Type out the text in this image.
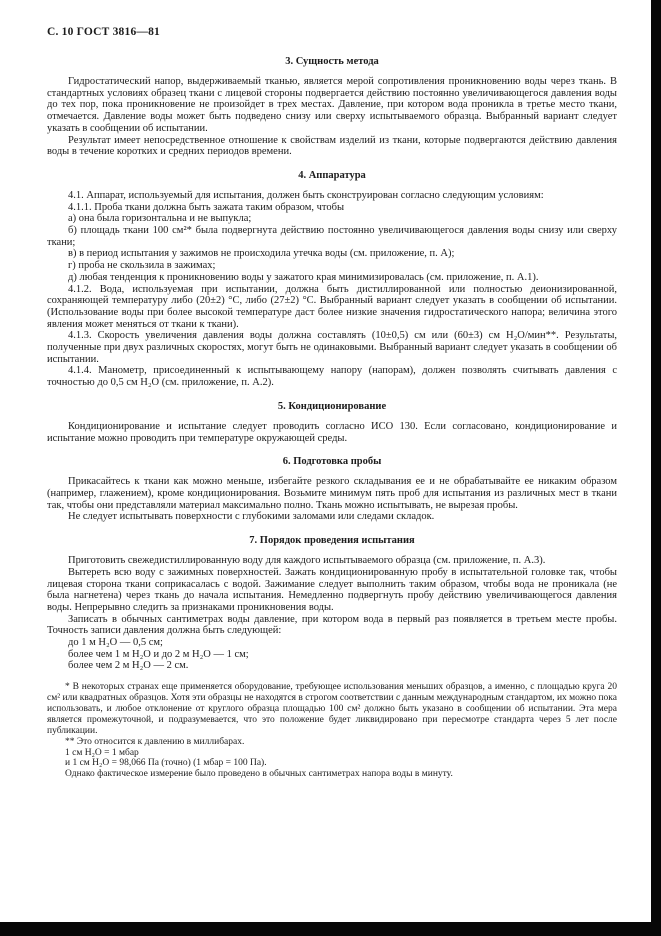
С. 10 ГОСТ 3816—81
3. Сущность метода

Гидростатический напор, выдерживаемый тканью, является мерой сопротивления проникновению воды через ткань. В стандартных условиях образец ткани с лицевой стороны подвергается действию постоянно увеличивающегося давления воды до тех пор, пока проникновение не произойдет в трех местах. Давление, при котором вода проникла в третье место ткани, отмечается. Давление воды может быть подведено снизу или сверху испытываемого образца. Выбранный вариант следует указать в сообщении об испытании.

Результат имеет непосредственное отношение к свойствам изделий из ткани, которые подвергаются действию давления воды в течение коротких и средних периодов времени.

4. Аппаратура

4.1. Аппарат, используемый для испытания, должен быть сконструирован согласно следующим условиям:

4.1.1. Проба ткани должна быть зажата таким образом, чтобы

а) она была горизонтальна и не выпукла;

б) площадь ткани 100 см²* была подвергнута действию постоянно увеличивающегося давления воды снизу или сверху ткани;

в) в период испытания у зажимов не происходила утечка воды (см. приложение, п. А);

г) проба не скользила в зажимах;

д) любая тенденция к проникновению воды у зажатого края минимизировалась (см. приложение, п. А.1).

4.1.2. Вода, используемая при испытании, должна быть дистиллированной или полностью деионизированной, сохраняющей температуру либо (20±2) °С, либо (27±2) °С. Выбранный вариант следует указать в сообщении об испытании. (Использование воды при более высокой температуре даст более низкие значения гидростатического напора; величина этого явления может меняться от ткани к ткани).

4.1.3. Скорость увеличения давления воды должна составлять (10±0,5) см или (60±3) см H₂O/мин**. Результаты, полученные при двух различных скоростях, могут быть не одинаковыми. Выбранный вариант следует указать в сообщении об испытании.

4.1.4. Манометр, присоединенный к испытывающему напору (напорам), должен позволять считывать давления с точностью до 0,5 см H₂O (см. приложение, п. А.2).

5. Кондиционирование

Кондиционирование и испытание следует проводить согласно ИСО 130. Если согласовано, кондиционирование и испытание можно проводить при температуре окружающей среды.

6. Подготовка пробы

Прикасайтесь к ткани как можно меньше, избегайте резкого складывания ее и не обрабатывайте ее никаким образом (например, глажением), кроме кондиционирования. Возьмите минимум пять проб для испытания из различных мест в ткани так, чтобы они представляли материал максимально полно. Ткань можно испытывать, не вырезая пробы.

Не следует испытывать поверхности с глубокими заломами или следами складок.

7. Порядок проведения испытания

Приготовить свежедистиллированную воду для каждого испытываемого образца (см. приложение, п. А.3).

Вытереть всю воду с зажимных поверхностей. Зажать кондиционированную пробу в испытательной головке так, чтобы лицевая сторона ткани соприкасалась с водой. Зажимание следует выполнить таким образом, чтобы вода не проникала (не была нагнетена) через ткань до начала испытания. Немедленно подвергнуть пробу действию увеличивающегося давления воды. Непрерывно следить за признаками проникновения воды.

Записать в обычных сантиметрах воды давление, при котором вода в первый раз появляется в третьем месте пробы. Точность записи давления должна быть следующей:

до 1 м H₂O — 0,5 см;

более чем 1 м H₂O и до 2 м H₂O — 1 см;

более чем 2 м H₂O — 2 см.

* В некоторых странах еще применяется оборудование, требующее использования меньших образцов, а именно, с площадью круга 20 см² или квадратных образцов. Хотя эти образцы не находятся в строгом соответствии с данным международным стандартом, их можно пока использовать, и любое отклонение от круглого образца площадью 100 см² должно быть указано в сообщении об испытании. Эта мера является промежуточной, и подразумевается, что это положение будет ликвидировано при пересмотре стандарта через 5 лет после публикации.

** Это относится к давлению в миллибарах.

1 см H₂O = 1 мбар

и 1 см H₂O = 98,066 Па (точно) (1 мбар = 100 Па).

Однако фактическое измерение было проведено в обычных сантиметрах напора воды в минуту.
